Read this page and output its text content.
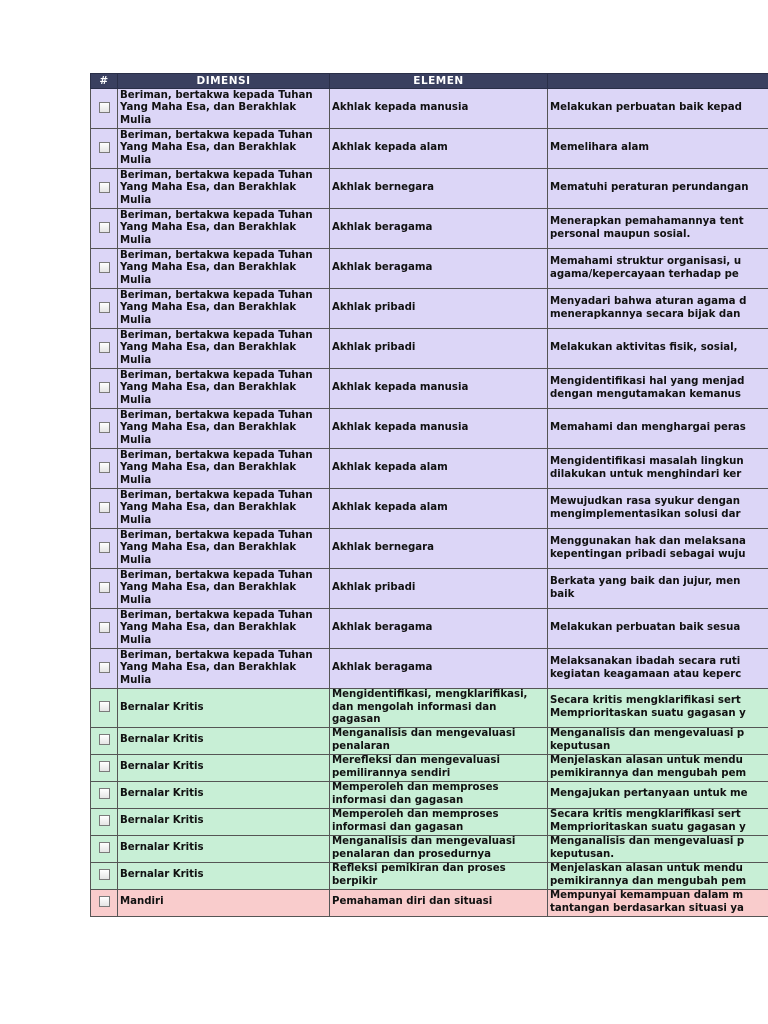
#	DIMENSI	ELEMEN	
	Beriman, bertakwa kepada Tuhan Yang Maha Esa, dan Berakhlak Mulia	Akhlak kepada manusia	Melakukan perbuatan baik kepad
	Beriman, bertakwa kepada Tuhan Yang Maha Esa, dan Berakhlak Mulia	Akhlak kepada alam	Memelihara alam
	Beriman, bertakwa kepada Tuhan Yang Maha Esa, dan Berakhlak Mulia	Akhlak bernegara	Mematuhi peraturan perundangan
	Beriman, bertakwa kepada Tuhan Yang Maha Esa, dan Berakhlak Mulia	Akhlak beragama	Menerapkan pemahamannya tent
personal maupun sosial.
	Beriman, bertakwa kepada Tuhan Yang Maha Esa, dan Berakhlak Mulia	Akhlak beragama	Memahami struktur organisasi, u
agama/kepercayaan terhadap pe
	Beriman, bertakwa kepada Tuhan Yang Maha Esa, dan Berakhlak Mulia	Akhlak pribadi	Menyadari bahwa aturan agama d
menerapkannya secara bijak dan
	Beriman, bertakwa kepada Tuhan Yang Maha Esa, dan Berakhlak Mulia	Akhlak pribadi	Melakukan aktivitas fisik, sosial,
	Beriman, bertakwa kepada Tuhan Yang Maha Esa, dan Berakhlak Mulia	Akhlak kepada manusia	Mengidentifikasi hal yang menjad
dengan mengutamakan kemanus
	Beriman, bertakwa kepada Tuhan Yang Maha Esa, dan Berakhlak Mulia	Akhlak kepada manusia	Memahami dan menghargai peras
	Beriman, bertakwa kepada Tuhan Yang Maha Esa, dan Berakhlak Mulia	Akhlak kepada alam	Mengidentifikasi masalah lingkun
dilakukan untuk menghindari ker
	Beriman, bertakwa kepada Tuhan Yang Maha Esa, dan Berakhlak Mulia	Akhlak kepada alam	Mewujudkan rasa syukur dengan
mengimplementasikan solusi dar
	Beriman, bertakwa kepada Tuhan Yang Maha Esa, dan Berakhlak Mulia	Akhlak bernegara	Menggunakan hak dan melaksana
kepentingan pribadi sebagai wuju
	Beriman, bertakwa kepada Tuhan Yang Maha Esa, dan Berakhlak Mulia	Akhlak pribadi	Berkata yang baik dan jujur, men
baik
	Beriman, bertakwa kepada Tuhan Yang Maha Esa, dan Berakhlak Mulia	Akhlak beragama	Melakukan perbuatan baik sesua
	Beriman, bertakwa kepada Tuhan Yang Maha Esa, dan Berakhlak Mulia	Akhlak beragama	Melaksanakan ibadah secara ruti
kegiatan keagamaan atau keperc
	Bernalar Kritis	Mengidentifikasi, mengklarifikasi, dan mengolah informasi dan gagasan	Secara kritis mengklarifikasi sert
Memprioritaskan suatu gagasan y
	Bernalar Kritis	Menganalisis dan mengevaluasi penalaran	Menganalisis dan mengevaluasi p
keputusan
	Bernalar Kritis	Merefleksi dan mengevaluasi pemilirannya sendiri	Menjelaskan alasan untuk mendu
pemikirannya dan mengubah pem
	Bernalar Kritis	Memperoleh dan memproses informasi dan gagasan	Mengajukan pertanyaan untuk me
	Bernalar Kritis	Memperoleh dan memproses informasi dan gagasan	Secara kritis mengklarifikasi sert
Memprioritaskan suatu gagasan y
	Bernalar Kritis	Menganalisis dan mengevaluasi penalaran dan prosedurnya	Menganalisis dan mengevaluasi p
keputusan.
	Bernalar Kritis	Refleksi pemikiran dan proses berpikir	Menjelaskan alasan untuk mendu
pemikirannya dan mengubah pem
	Mandiri	Pemahaman diri dan situasi	Mempunyai kemampuan dalam m
tantangan berdasarkan situasi ya
